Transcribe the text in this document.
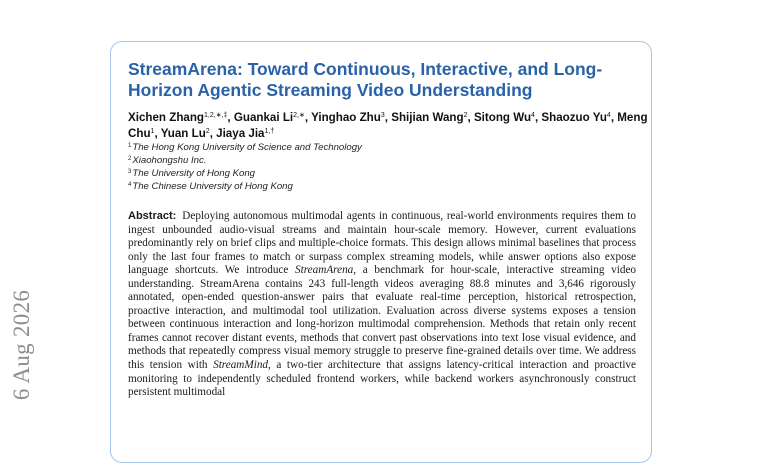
6 Aug 2026
StreamArena: Toward Continuous, Interactive, and Long-Horizon Agentic Streaming Video Understanding
Xichen Zhang$^{1,2,∗,\ddagger}$, Guankai $Li^{2,∗}$, Yinghao Zhu$^3$, Shijian Wang$^2$, Sitong Wu$^4$, Shaozuo Yu$^4$, Meng Chu$^1$, Yuan Lu$^2$, Jiaya Jia$^{1,\dagger}$
$^1$The Hong Kong University of Science and Technology
$^2$Xiaohongshu Inc.
$^3$The University of Hong Kong
$^4$The Chinese University of Hong Kong

Abstract: Deploying autonomous multimodal agents in continuous, real-world environments requires them to ingest unbounded audio-visual streams and maintain hour-scale memory. However, current evaluations predominantly rely on brief clips and multiple-choice formats. This design allows minimal baselines that process only the last four frames to match or surpass complex streaming models, while answer options also expose language shortcuts. We introduce StreamArena, a benchmark for hour-scale, interactive streaming video understanding. StreamArena contains 243 full-length videos averaging 88.8 minutes and 3,646 rigorously annotated, open-ended question-answer pairs that evaluate real-time perception, historical retrospection, proactive interaction, and multimodal tool utilization. Evaluation across diverse systems exposes a tension between continuous interaction and long-horizon multimodal comprehension. Methods that retain only recent frames cannot recover distant events, methods that convert past observations into text lose visual evidence, and methods that repeatedly compress visual memory struggle to preserve fine-grained details over time. We address this tension with StreamMind, a two-tier architecture that assigns latency-critical interaction and proactive monitoring to independently scheduled frontend workers, while backend workers asynchronously construct persistent multimodal
